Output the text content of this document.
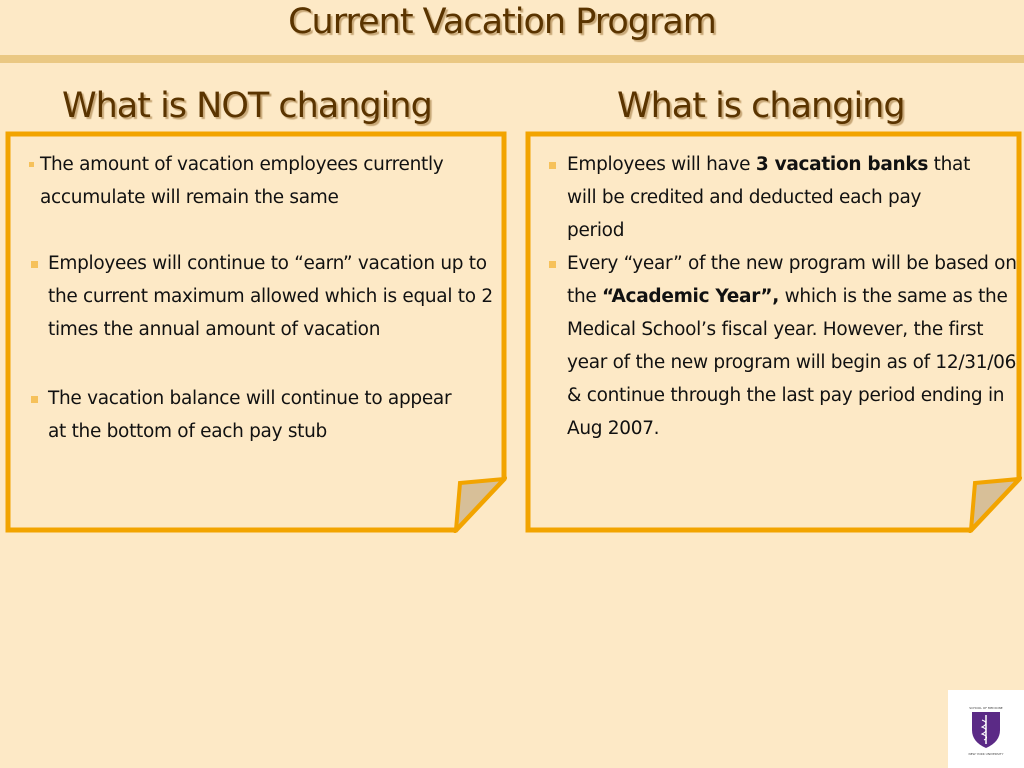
Current Vacation Program
What is NOT changing	What is changing
The amount of vacation employees currently accumulate will remain the same
Employees will continue to “earn” vacation up to the current maximum allowed which is equal to 2 times the annual amount of vacation
The vacation balance will continue to appear at the bottom of each pay stub
Employees will have 3 vacation banks that will be credited and deducted each pay period
Every “year” of the new program will be based on the “Academic Year”, which is the same as the Medical School’s fiscal year. However, the first year of the new program will begin as of 12/31/06 & continue through the last pay period ending in Aug 2007.
SCHOOL OF MEDICINE
NEW YORK UNIVERSITY
